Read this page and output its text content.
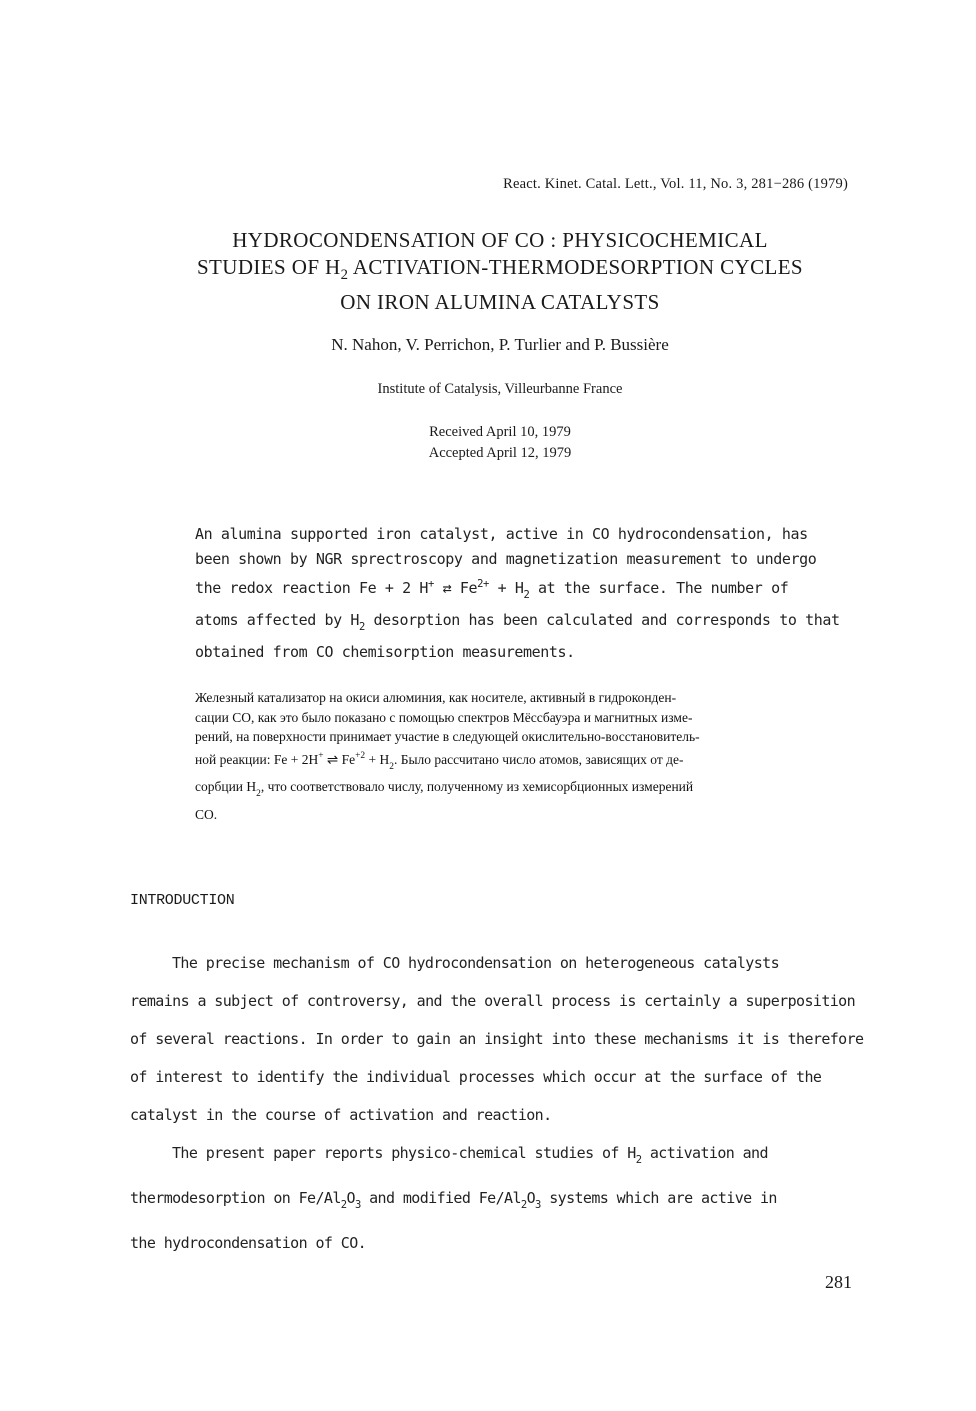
React. Kinet. Catal. Lett., Vol. 11, No. 3, 281−286 (1979)
HYDROCONDENSATION OF CO : PHYSICOCHEMICAL
STUDIES OF $H_2$ ACTIVATION-THERMODESORPTION CYCLES
ON IRON ALUMINA CATALYSTS
N. Nahon, V. Perrichon, P. Turlier and P. Bussière
Institute of Catalysis, Villeurbanne France
Received April 10, 1979
Accepted April 12, 1979
An alumina supported iron catalyst, active in CO hydrocondensation, has
been shown by NGR sprectroscopy and magnetization measurement to undergo
the redox reaction Fe + 2 H+ ⇄ $Fe^{2+} + H_2$ at the surface. The number of
atoms affected by $H_2$ desorption has been calculated and corresponds to that
obtained from CO chemisorption measurements.
Железный катализатор на окиси алюминия, как носителе, активный в гидроконден-
сации CO, как это было показано с помощью спектров Мёссбауэра и магнитных изме-
рений, на поверхности принимает участие в следующей окислительно-восстановитель-
ной реакции: Fe + 2H+ ⇌ $Fe^{+2} + H_2$. Было рассчитано число атомов, зависящих от де-
сорбции $H_2$, что соответствовало числу, полученному из хемисорбционных измерений
CO.
INTRODUCTION
The precise mechanism of CO hydrocondensation on heterogeneous catalysts
remains a subject of controversy, and the overall process is certainly a superposition
of several reactions. In order to gain an insight into these mechanisms it is therefore
of interest to identify the individual processes which occur at the surface of the
catalyst in the course of activation and reaction.
The present paper reports physico-chemical studies of $H_2$ activation and
thermodesorption on $Fe/Al_2O_3$ and modified $Fe/Al_2O_3$ systems which are active in
the hydrocondensation of CO.
281
